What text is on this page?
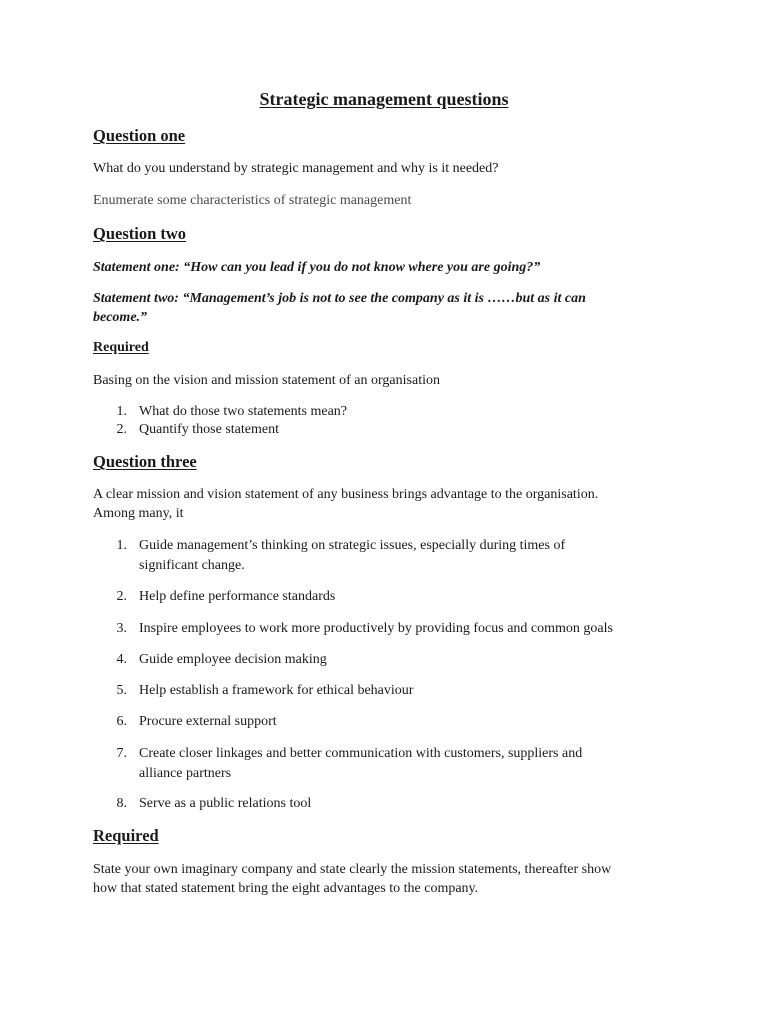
Strategic management questions
Question one
What do you understand by strategic management and why is it needed?
Enumerate some characteristics of strategic management
Question two
Statement one: “How can you lead if you do not know where you are going?”
Statement two: “Management’s job is not to see the company as it is ……but as it can
become.”
Required
Basing on the vision and mission statement of an organisation
1. What do those two statements mean?
2. Quantify those statement
Question three
A clear mission and vision statement of any business brings advantage to the organisation.
Among many, it
1. Guide management’s thinking on strategic issues, especially during times of
significant change.
2. Help define performance standards
3. Inspire employees to work more productively by providing focus and common goals
4. Guide employee decision making
5. Help establish a framework for ethical behaviour
6. Procure external support
7. Create closer linkages and better communication with customers, suppliers and
alliance partners
8. Serve as a public relations tool
Required
State your own imaginary company and state clearly the mission statements, thereafter show
how that stated statement bring the eight advantages to the company.
